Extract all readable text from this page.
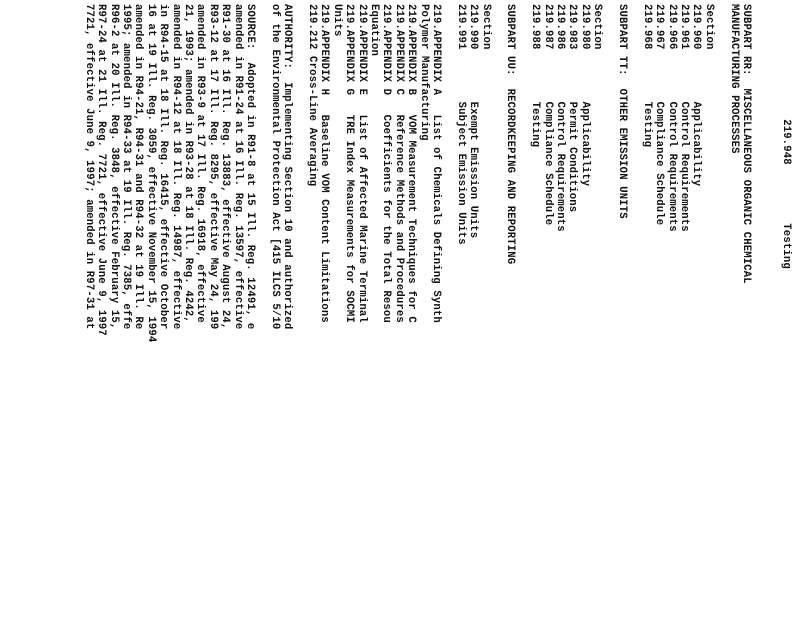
219.948         Testing
SUBPART RR:  MISCELLANEOUS ORGANIC CHEMICAL
MANUFACTURING PROCESSES
Section
219.960        Applicability
219.961        Control Requirements
219.966        Control Requirements
219.967        Compliance Schedule
219.968        Testing
SUBPART TT:  OTHER EMISSION UNITS
Section
219.980        Applicability
219.983        Permit Conditions
219.986        Control Requirements
219.987        Compliance Schedule
219.988        Testing
SUBPART UU:  RECORDKEEPING AND REPORTING
Section
219.990        Exempt Emission Units
219.991        Subject Emission Units
219.APPENDIX A   List of Chemicals Defining Synth
Polymer Manufacturing
219.APPENDIX B   VOM Measurement Techniques for C
219.APPENDIX C   Reference Methods and Procedures
219.APPENDIX D   Coefficients for the Total Resou
Equation
219.APPENDIX E   List of Affected Marine Terminal
219.APPENDIX G   TRE Index Measurements for SOCMI
Units
219.APPENDIX H   Baseline VOM Content Limitations
219.212 Cross-Line Averaging
AUTHORITY:  Implementing Section 10 and authorized
of the Environmental Protection Act [415 ILCS 5/10
SOURCE:  Adopted in R91-8 at 15 Ill. Reg. 12491, e
amended in R91-24 at 16 Ill. Reg. 13597, effective
R91-30 at 16 Ill. Reg. 13883, effective August 24,
R93-12 at 17 Ill. Reg. 8295, effective May 24, 199
amended in R93-9 at 17 Ill. Reg. 16918, effective
21, 1993; amended in R93-28 at 18 Ill. Reg. 4242,
amended in R94-12 at 18 Ill. Reg. 14987, effective
in R94-15 at 18 Ill. Reg. 16415, effective October
16 at 19 Ill. Reg. 3059, effective November 15, 1994
amended in R94-21, R94-31 and R94-32 at 19 Ill. Re
1995; amended in R94-33 at 19 Ill. Reg. 7385, effe
R96-2 at 20 Ill. Reg. 3848, effective February 15,
R97-24 at 21 Ill. Reg. 7721, effective June 9, 1997
7721, effective June 9, 1997; amended in R97-31 at
